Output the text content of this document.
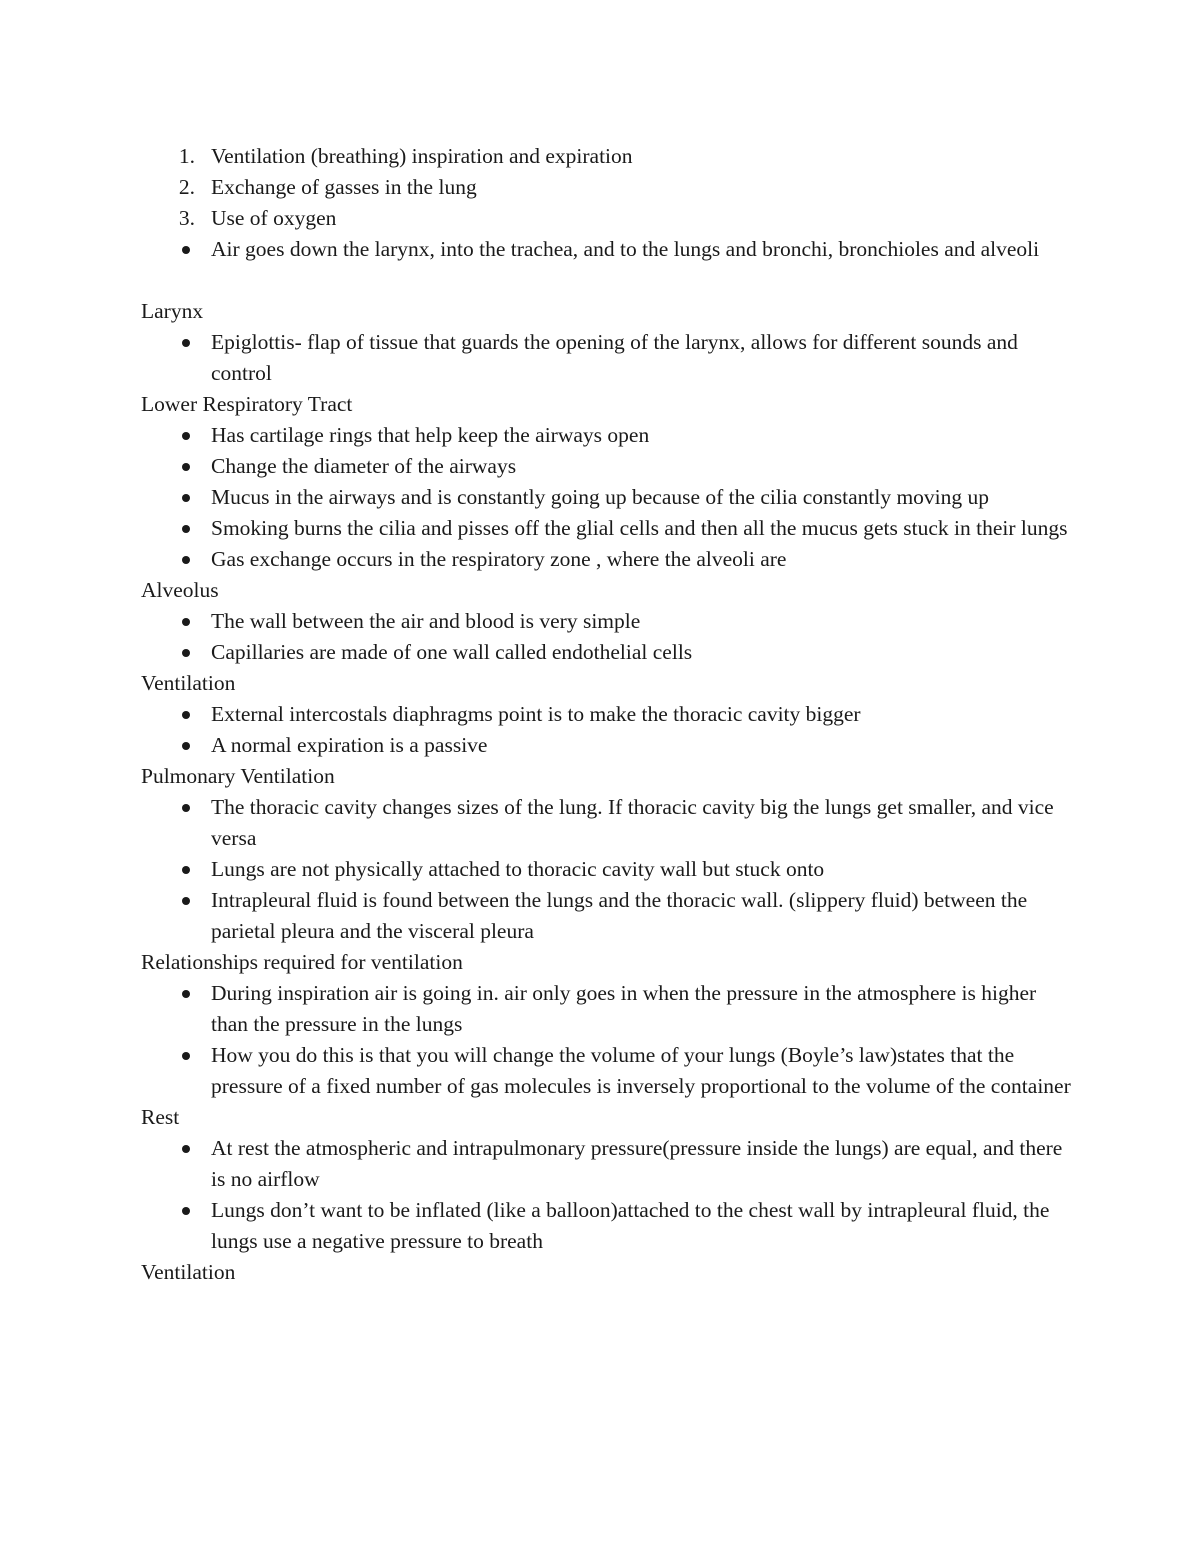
1. Ventilation (breathing) inspiration and expiration
2. Exchange of gasses in the lung
3. Use of oxygen
Air goes down the larynx, into the trachea, and to the lungs and bronchi, bronchioles and alveoli
Larynx
Epiglottis- flap of tissue that guards the opening of the larynx, allows for different sounds and control
Lower Respiratory Tract
Has cartilage rings that help keep the airways open
Change the diameter of the airways
Mucus in the airways and is constantly going up because of the cilia constantly moving up
Smoking burns the cilia and pisses off the glial cells and then all the mucus gets stuck in their lungs
Gas exchange occurs in the respiratory zone , where the alveoli are
Alveolus
The wall between the air and blood is very simple
Capillaries are made of one wall called endothelial cells
Ventilation
External intercostals diaphragms point is to make the thoracic cavity bigger
A normal expiration is a passive
Pulmonary Ventilation
The thoracic cavity changes sizes of the lung. If thoracic cavity big the lungs get smaller, and vice versa
Lungs are not physically attached to thoracic cavity wall but stuck onto
Intrapleural fluid is found between the lungs and the thoracic wall. (slippery fluid) between the parietal pleura and the visceral pleura
Relationships required for ventilation
During inspiration air is going in. air only goes in when the pressure in the atmosphere is higher than the pressure in the lungs
How you do this is that you will change the volume of your lungs (Boyle’s law)states that the pressure of a fixed number of gas molecules is inversely proportional to the volume of the container
Rest
At rest the atmospheric and intrapulmonary pressure(pressure inside the lungs) are equal, and there is no airflow
Lungs don’t want to be inflated (like a balloon)attached to the chest wall by intrapleural fluid, the lungs use a negative pressure to breath
Ventilation
